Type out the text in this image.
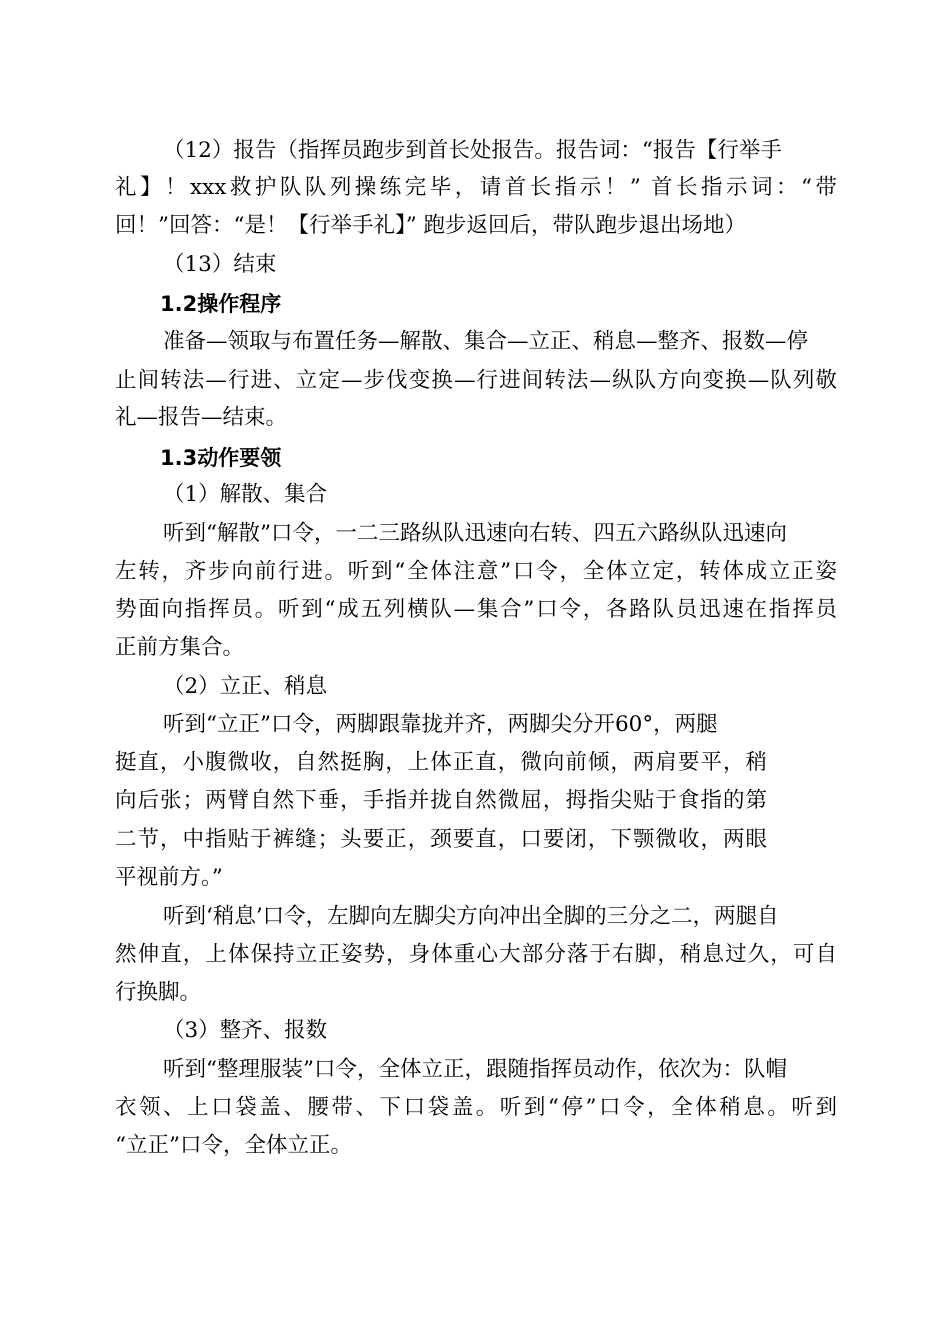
（12）报告（指挥员跑步到首长处报告。报告词：“报告【行举手
礼】！xxx救护队队列操练完毕，请首长指示！” 首长指示词：“带
回！”回答：“是！【行举手礼】” 跑步返回后，带队跑步退出场地）
（13）结束
1.2操作程序
准备—领取与布置任务—解散、集合—立正、稍息—整齐、报数—停
止间转法—行进、立定—步伐变换—行进间转法—纵队方向变换—队列敬
礼—报告—结束。
1.3动作要领
（1）解散、集合
听到“解散”口令，一二三路纵队迅速向右转、四五六路纵队迅速向
左转，齐步向前行进。听到“全体注意”口令，全体立定，转体成立正姿
势面向指挥员。听到“成五列横队—集合”口令，各路队员迅速在指挥员
正前方集合。
（2）立正、稍息
听到“立正”口令，两脚跟靠拢并齐，两脚尖分开60°，两腿
挺直，小腹微收，自然挺胸，上体正直，微向前倾，两肩要平，稍
向后张；两臂自然下垂，手指并拢自然微屈，拇指尖贴于食指的第
二节，中指贴于裤缝；头要正，颈要直，口要闭，下颚微收，两眼
平视前方。”
听到‘稍息’口令，左脚向左脚尖方向冲出全脚的三分之二，两腿自
然伸直，上体保持立正姿势，身体重心大部分落于右脚，稍息过久，可自
行换脚。
（3）整齐、报数
听到“整理服装”口令，全体立正，跟随指挥员动作，依次为：队帽
衣领、上口袋盖、腰带、下口袋盖。听到“停”口令，全体稍息。听到
“立正”口令，全体立正。
